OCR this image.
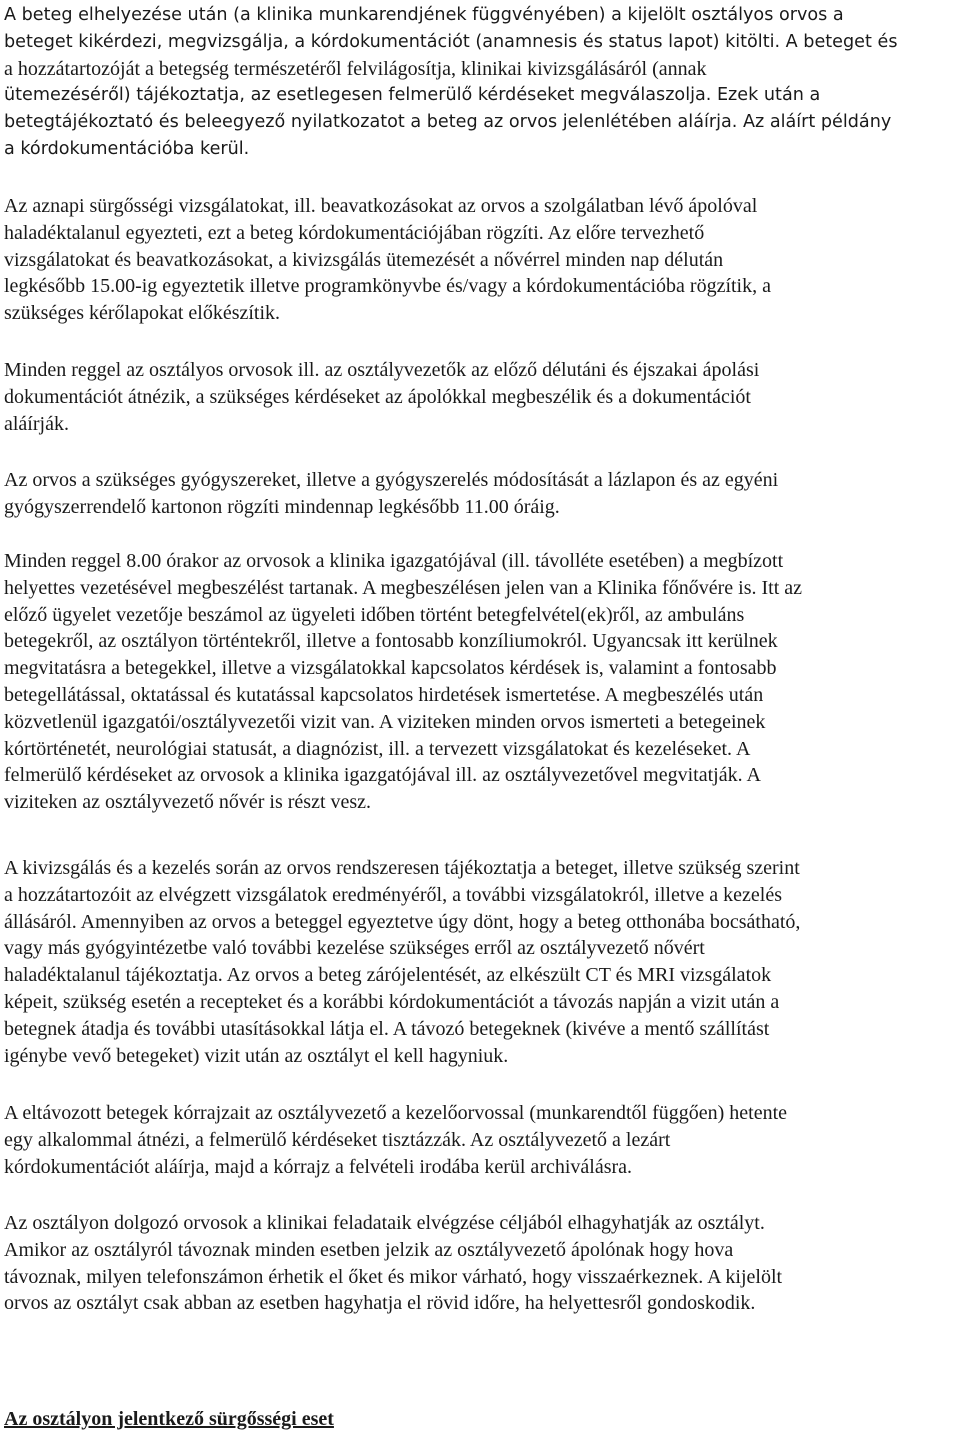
A beteg elhelyezése után (a klinika munkarendjének függvényében) a kijelölt osztályos orvos a
beteget kikérdezi, megvizsgálja, a kórdokumentációt (anamnesis és status lapot) kitölti. A beteget és
a hozzátartozóját a betegség természetéről felvilágosítja, klinikai kivizsgálásáról (annak
ütemezéséről) tájékoztatja, az esetlegesen felmerülő kérdéseket megválaszolja. Ezek után a
betegtájékoztató és beleegyező nyilatkozatot a beteg az orvos jelenlétében aláírja. Az aláírt példány
a kórdokumentációba kerül.

Az aznapi sürgősségi vizsgálatokat, ill. beavatkozásokat az orvos a szolgálatban lévő ápolóval
haladéktalanul egyezteti, ezt a beteg kórdokumentációjában rögzíti. Az előre tervezhető
vizsgálatokat és beavatkozásokat, a kivizsgálás ütemezését a nővérrel minden nap délután
legkésőbb 15.00-ig egyeztetik illetve programkönyvbe és/vagy a kórdokumentációba rögzítik, a
szükséges kérőlapokat előkészítik.

Minden reggel az osztályos orvosok ill. az osztályvezetők az előző délutáni és éjszakai ápolási
dokumentációt átnézik, a szükséges kérdéseket az ápolókkal megbeszélik és a dokumentációt
aláírják.

Az orvos a szükséges gyógyszereket, illetve a gyógyszerelés módosítását a lázlapon és az egyéni
gyógyszerrendelő kartonon rögzíti mindennap legkésőbb 11.00 óráig.

Minden reggel 8.00 órakor az orvosok a klinika igazgatójával (ill. távolléte esetében) a megbízott
helyettes vezetésével megbeszélést tartanak. A megbeszélésen jelen van a Klinika főnővére is. Itt az
előző ügyelet vezetője beszámol az ügyeleti időben történt betegfelvétel(ek)ről, az ambuláns
betegekről, az osztályon történtekről, illetve a fontosabb konzíliumokról. Ugyancsak itt kerülnek
megvitatásra a betegekkel, illetve a vizsgálatokkal kapcsolatos kérdések is, valamint a fontosabb
betegellátással, oktatással és kutatással kapcsolatos hirdetések ismertetése. A megbeszélés után
közvetlenül igazgatói/osztályvezetői vizit van. A viziteken minden orvos ismerteti a betegeinek
kórtörténetét, neurológiai statusát, a diagnózist, ill. a tervezett vizsgálatokat és kezeléseket. A
felmerülő kérdéseket az orvosok a klinika igazgatójával ill. az osztályvezetővel megvitatják. A
viziteken az osztályvezető nővér is részt vesz.

A kivizsgálás és a kezelés során az orvos rendszeresen tájékoztatja a beteget, illetve szükség szerint
a hozzátartozóit az elvégzett vizsgálatok eredményéről, a további vizsgálatokról, illetve a kezelés
állásáról. Amennyiben az orvos a beteggel egyeztetve úgy dönt, hogy a beteg otthonába bocsátható,
vagy más gyógyintézetbe való további kezelése szükséges erről az osztályvezető nővért
haladéktalanul tájékoztatja. Az orvos a beteg zárójelentését, az elkészült CT és MRI vizsgálatok
képeit, szükség esetén a recepteket és a korábbi kórdokumentációt a távozás napján a vizit után a
betegnek átadja és további utasításokkal látja el. A távozó betegeknek (kivéve a mentő szállítást
igénybe vevő betegeket) vizit után az osztályt el kell hagyniuk.

A eltávozott betegek kórrajzait az osztályvezető a kezelőorvossal (munkarendtől függően) hetente
egy alkalommal átnézi, a felmerülő kérdéseket tisztázzák. Az osztályvezető a lezárt
kórdokumentációt aláírja, majd a kórrajz a felvételi irodába kerül archiválásra.

Az osztályon dolgozó orvosok a klinikai feladataik elvégzése céljából elhagyhatják az osztályt.
Amikor az osztályról távoznak minden esetben jelzik az osztályvezető ápolónak hogy hova
távoznak, milyen telefonszámon érhetik el őket és mikor várható, hogy visszaérkeznek. A kijelölt
orvos az osztályt csak abban az esetben hagyhatja el rövid időre, ha helyettesről gondoskodik.

Az osztályon jelentkező sürgősségi eset
